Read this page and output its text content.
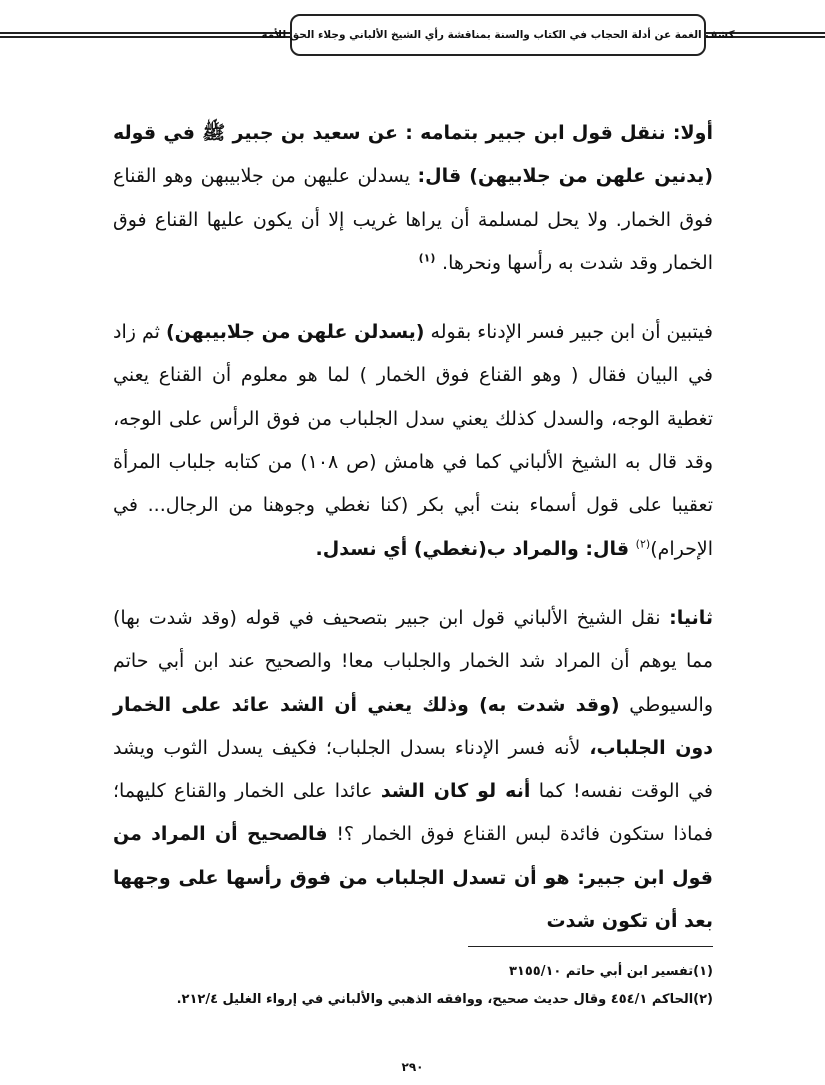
كشف الغمة عن أدلة الحجاب في الكتاب والسنة بمناقشة رأي الشيخ الألباني وجلاء الحق للأمة

أولا: ننقل قول ابن جبير بتمامه : عن سعيد بن جبير ﷺ في قوله (يدنين علهن من جلابيهن) قال: يسدلن عليهن من جلابيبهن وهو القناع فوق الخمار. ولا يحل لمسلمة أن يراها غريب إلا أن يكون عليها القناع فوق الخمار وقد شدت به رأسها ونحرها. $^{(١)}$

فيتبين أن ابن جبير فسر الإدناء بقوله (يسدلن علهن من جلابيبهن) ثم زاد في البيان فقال ( وهو القناع فوق الخمار ) لما هو معلوم أن القناع يعني تغطية الوجه، والسدل كذلك يعني سدل الجلباب من فوق الرأس على الوجه، وقد قال به الشيخ الألباني كما في هامش (ص ١٠٨) من كتابه جلباب المرأة تعقيبا على قول أسماء بنت أبي بكر (كنا نغطي وجوهنا من الرجال... في الإحرام)$^{(٢)}$ قال: والمراد ب(نغطي) أي نسدل.

ثانيا: نقل الشيخ الألباني قول ابن جبير بتصحيف في قوله (وقد شدت بها) مما يوهم أن المراد شد الخمار والجلباب معا! والصحيح عند ابن أبي حاتم والسيوطي (وقد شدت به) وذلك يعني أن الشد عائد على الخمار دون الجلباب، لأنه فسر الإدناء بسدل الجلباب؛ فكيف يسدل الثوب ويشد في الوقت نفسه! كما أنه لو كان الشد عائدا على الخمار والقناع كليهما؛ فماذا ستكون فائدة لبس القناع فوق الخمار ؟! فالصحيح أن المراد من قول ابن جبير: هو أن تسدل الجلباب من فوق رأسها على وجهها بعد أن تكون شدت

(١)تفسير ابن أبي حاتم ٣١٥٥/١٠
(٢)الحاكم ٤٥٤/١ وقال حديث صحيح، ووافقه الذهبي والألباني في إرواء الغليل ٢١٢/٤.
٢٩٠
